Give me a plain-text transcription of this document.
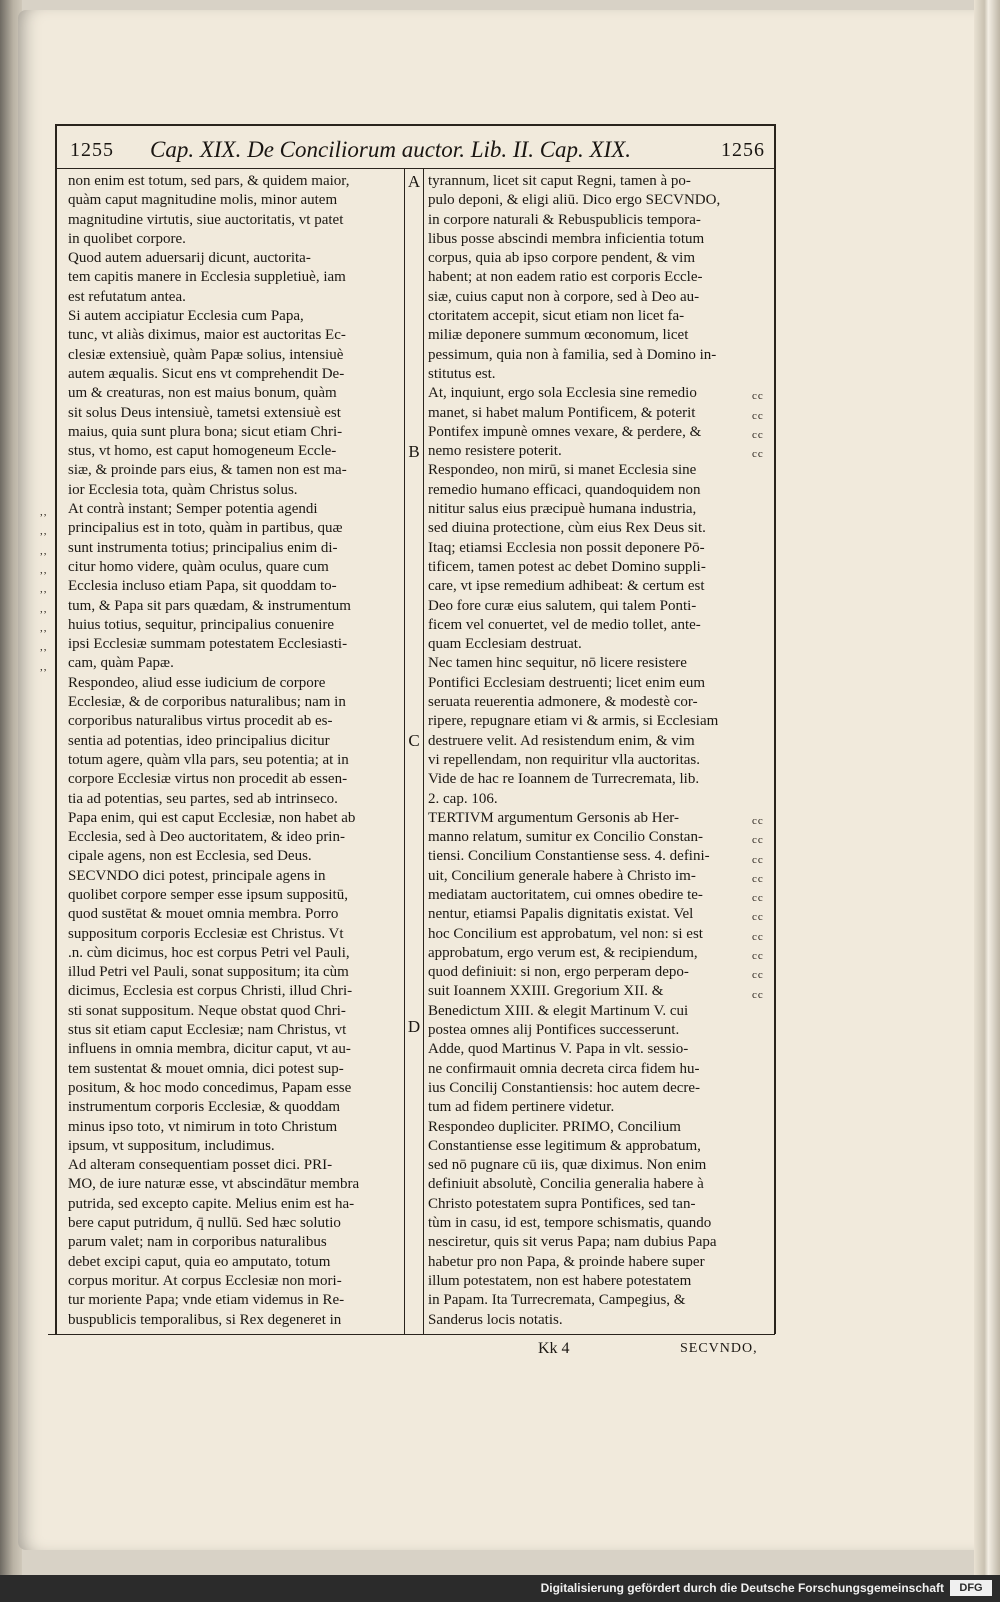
1255 Cap. XIX. De Conciliorum auctor. Lib. II. Cap. XIX.	1256
A
B
C
D
non enim est totum, sed pars, & quidem maior,
quàm caput magnitudine molis, minor autem
magnitudine virtutis, siue auctoritatis, vt patet
in quolibet corpore.
Quod autem aduersarij dicunt, auctorita-
tem capitis manere in Ecclesia suppletiuè, iam
est refutatum antea.
Si autem accipiatur Ecclesia cum Papa,
tunc, vt aliàs diximus, maior est auctoritas Ec-
clesiæ extensiuè, quàm Papæ solius, intensiuè
autem æqualis. Sicut ens vt comprehendit De-
um & creaturas, non est maius bonum, quàm
sit solus Deus intensiuè, tametsi extensiuè est
maius, quia sunt plura bona; sicut etiam Chri-
stus, vt homo, est caput homogeneum Eccle-
siæ, & proinde pars eius, & tamen non est ma-
ior Ecclesia tota, quàm Christus solus.
At contrà instant; Semper potentia agendi
principalius est in toto, quàm in partibus, quæ
sunt instrumenta totius; principalius enim di-
citur homo videre, quàm oculus, quare cum
Ecclesia incluso etiam Papa, sit quoddam to-
tum, & Papa sit pars quædam, & instrumentum
huius totius, sequitur, principalius conuenire
ipsi Ecclesiæ summam potestatem Ecclesiasti-
cam, quàm Papæ.
Respondeo, aliud esse iudicium de corpore
Ecclesiæ, & de corporibus naturalibus; nam in
corporibus naturalibus virtus procedit ab es-
sentia ad potentias, ideo principalius dicitur
totum agere, quàm vlla pars, seu potentia; at in
corpore Ecclesiæ virtus non procedit ab essen-
tia ad potentias, seu partes, sed ab intrinseco.
Papa enim, qui est caput Ecclesiæ, non habet ab
Ecclesia, sed à Deo auctoritatem, & ideo prin-
cipale agens, non est Ecclesia, sed Deus.
SECVNDO dici potest, principale agens in
quolibet corpore semper esse ipsum suppositū,
quod sustētat & mouet omnia membra. Porro
suppositum corporis Ecclesiæ est Christus. Vt
.n. cùm dicimus, hoc est corpus Petri vel Pauli,
illud Petri vel Pauli, sonat suppositum; ita cùm
dicimus, Ecclesia est corpus Christi, illud Chri-
sti sonat suppositum. Neque obstat quod Chri-
stus sit etiam caput Ecclesiæ; nam Christus, vt
influens in omnia membra, dicitur caput, vt au-
tem sustentat & mouet omnia, dici potest sup-
positum, & hoc modo concedimus, Papam esse
instrumentum corporis Ecclesiæ, & quoddam
minus ipso toto, vt nimirum in toto Christum
ipsum, vt suppositum, includimus.
Ad alteram consequentiam posset dici. PRI-
MO, de iure naturæ esse, vt abscindātur membra
putrida, sed excepto capite. Melius enim est ha-
bere caput putridum, q̄ nullū. Sed hæc solutio
parum valet; nam in corporibus naturalibus
debet excipi caput, quia eo amputato, totum
corpus moritur. At corpus Ecclesiæ non mori-
tur moriente Papa; vnde etiam videmus in Re-
buspublicis temporalibus, si Rex degeneret in
tyrannum, licet sit caput Regni, tamen à po-
pulo deponi, & eligi aliū. Dico ergo SECVNDO,
in corpore naturali & Rebuspublicis tempora-
libus posse abscindi membra inficientia totum
corpus, quia ab ipso corpore pendent, & vim
habent; at non eadem ratio est corporis Eccle-
siæ, cuius caput non à corpore, sed à Deo au-
ctoritatem accepit, sicut etiam non licet fa-
miliæ deponere summum œconomum, licet
pessimum, quia non à familia, sed à Domino in-
stitutus est.
At, inquiunt, ergo sola Ecclesia sine remedio
manet, si habet malum Pontificem, & poterit
Pontifex impunè omnes vexare, & perdere, &
nemo resistere poterit.
Respondeo, non mirū, si manet Ecclesia sine
remedio humano efficaci, quandoquidem non
nititur salus eius præcipuè humana industria,
sed diuina protectione, cùm eius Rex Deus sit.
Itaq; etiamsi Ecclesia non possit deponere Pō-
tificem, tamen potest ac debet Domino suppli-
care, vt ipse remedium adhibeat: & certum est
Deo fore curæ eius salutem, qui talem Ponti-
ficem vel conuertet, vel de medio tollet, ante-
quam Ecclesiam destruat.
Nec tamen hinc sequitur, nō licere resistere
Pontifici Ecclesiam destruenti; licet enim eum
seruata reuerentia admonere, & modestè cor-
ripere, repugnare etiam vi & armis, si Ecclesiam
destruere velit. Ad resistendum enim, & vim
vi repellendam, non requiritur vlla auctoritas.
Vide de hac re Ioannem de Turrecremata, lib.
2. cap. 106.
TERTIVM argumentum Gersonis ab Her-
manno relatum, sumitur ex Concilio Constan-
tiensi. Concilium Constantiense sess. 4. defini-
uit, Concilium generale habere à Christo im-
mediatam auctoritatem, cui omnes obedire te-
nentur, etiamsi Papalis dignitatis existat. Vel
hoc Concilium est approbatum, vel non: si est
approbatum, ergo verum est, & recipiendum,
quod definiuit: si non, ergo perperam depo-
suit Ioannem XXIII. Gregorium XII. &
Benedictum XIII. & elegit Martinum V. cui
postea omnes alij Pontifices successerunt.
Adde, quod Martinus V. Papa in vlt. sessio-
ne confirmauit omnia decreta circa fidem hu-
ius Concilij Constantiensis: hoc autem decre-
tum ad fidem pertinere videtur.
Respondeo dupliciter. PRIMO, Concilium
Constantiense esse legitimum & approbatum,
sed nō pugnare cū iis, quæ diximus. Non enim
definiuit absolutè, Concilia generalia habere à
Christo potestatem supra Pontifices, sed tan-
tùm in casu, id est, tempore schismatis, quando
nesciretur, quis sit verus Papa; nam dubius Papa
habetur pro non Papa, & proinde habere super
illum potestatem, non est habere potestatem
in Papam. Ita Turrecremata, Campegius, &
Sanderus locis notatis.
,,
,,
,,
,,
,,
,,
,,
,,
,,
cc
cc
cc
cc
cc
cc
cc
cc
cc
cc
cc
cc
cc
cc
Kk 4	SECVNDO,
Digitalisierung gefördert durch die Deutsche Forschungsgemeinschaft	DFG
